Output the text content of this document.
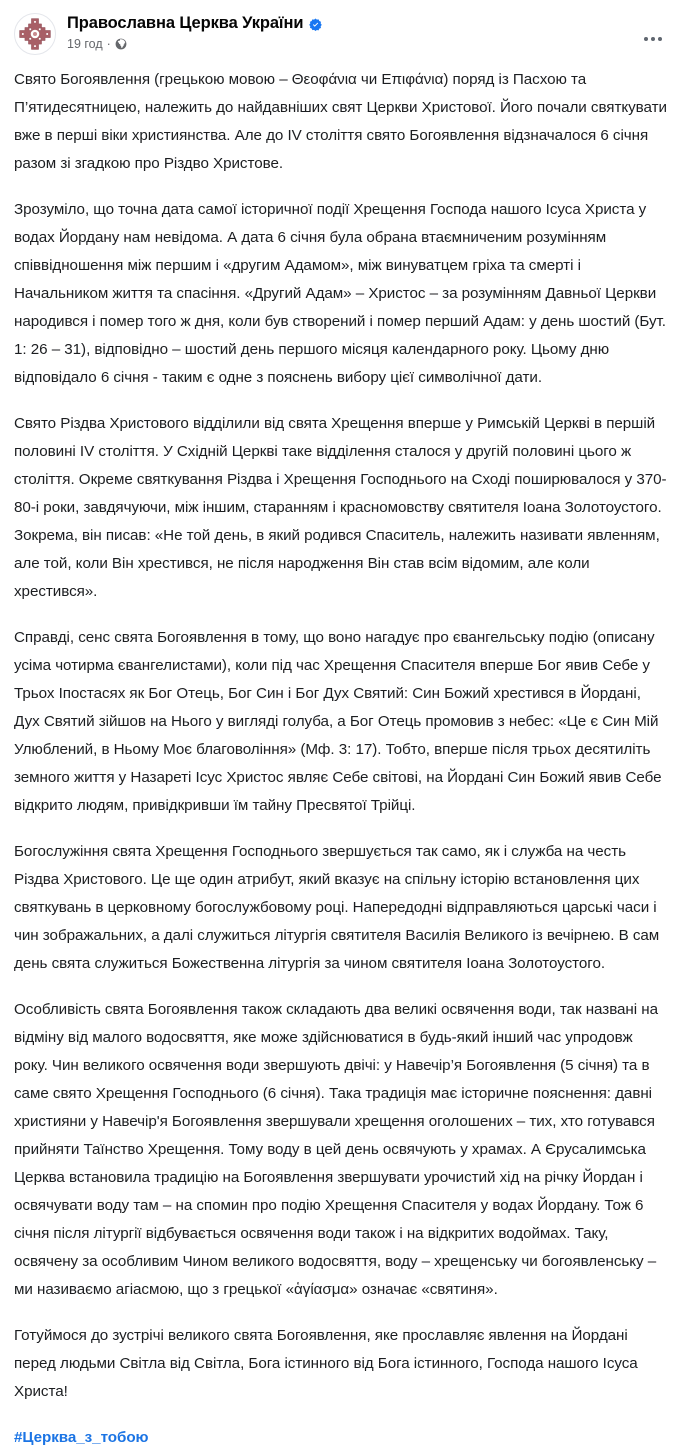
Православна Церква України
19 год ·

Свято Богоявлення (грецькою мовою – Θεοφάνια чи Επιφάνια) поряд із Пасхою та П’ятидесятницею, належить до найдавніших свят Церкви Христової. Його почали святкувати вже в перші віки християнства. Але до IV століття свято Богоявлення відзначалося 6 січня разом зі згадкою про Різдво Христове.

Зрозуміло, що точна дата самої історичної події Хрещення Господа нашого Ісуса Христа у водах Йордану нам невідома. А дата 6 січня була обрана втаємничeним розумінням співвідношення між першим і «другим Адамом», між винуватцем гріха та смерті і Начальником життя та спасіння. «Другий Адам» – Христос – за розумінням Давньої Церкви народився і помер того ж дня, коли був створений і помер перший Адам: у день шостий (Бут. 1: 26 – 31), відповідно – шостий день першого місяця календарного року. Цьому дню відповідало 6 січня - таким є одне з пояснень вибору цієї символічної дати.

Свято Різдва Христового відділили від свята Хрещення вперше у Римській Церкві в першій половині IV століття. У Східній Церкві таке відділення сталося у другій половині цього ж століття. Окреме святкування Різдва і Хрещення Господнього на Сході поширювалося у 370-80-і роки, завдячуючи, між іншим, старанням і красномовству святителя Іоана Золотоустого. Зокрема, він писав: «Не той день, в який родився Спаситель, належить називати явленням, але той, коли Він хрестився, не після народження Він став всім відомим, але коли хрестився».

Справді, сенс свята Богоявлення в тому, що воно нагадує про євангельську подію (описану усіма чотирма євангелистами), коли під час Хрещення Спасителя вперше Бог явив Себе у Трьох Іпостасях як Бог Отець, Бог Син і Бог Дух Святий: Син Божий хрестився в Йордані, Дух Святий зійшов на Нього у вигляді голуба, а Бог Отець промовив з небес: «Це є Син Мій Улюблений, в Ньому Моє благовоління» (Мф. 3: 17). Тобто, вперше після трьох десятиліть земного життя у Назареті Ісус Христос являє Себе світові, на Йордані Син Божий явив Себе відкрито людям, привідкривши їм тайну Пресвятої Трійці.

Богослужіння свята Хрещення Господнього звершується так само, як і служба на честь Різдва Христового. Це ще один атрибут, який вказує на спільну історію встановлення цих святкувань в церковному богослужбовому році. Напередодні відправляються царські часи і чин зображальних, а далі служиться літургія святителя Василія Великого із вечірнею. В сам день свята служиться Божественна літургія за чином святителя Іоана Золотоустого.

Особливість свята Богоявлення також складають два великі освячення води, так названі на відміну від малого водосвяття, яке може здійснюватися в будь-який інший час упродовж року. Чин великого освячення води звершують двічі: у Навечір’я Богоявлення (5 січня) та в саме свято Хрещення Господнього (6 січня). Така традиція має історичне пояснення: давні християни у Навечір'я Богоявлення звершували хрещення оголошених – тих, хто готувався прийняти Таїнство Хрещення. Тому воду в цей день освячують у храмах. А Єрусалимська Церква встановила традицію на Богоявлення звершувати урочистий хід на річку Йордан і освячувати воду там – на спомин про подію Хрещення Спасителя у водах Йордану. Тож 6 січня після літургії відбувається освячення води також і на відкритих водоймах. Таку, освячену за особливим Чином великого водосвяття, воду – хрещенську чи богоявленську – ми називаємо агіасмою, що з грецької «ἁγίασμα» означає «святиня».

Готуймося до зустрічі великого свята Богоявлення, яке прославляє явлення на Йордані перед людьми Світла від Світла, Бога істинного від Бога істинного, Господа нашого Ісуса Христа!

#Церква_з_тобою
